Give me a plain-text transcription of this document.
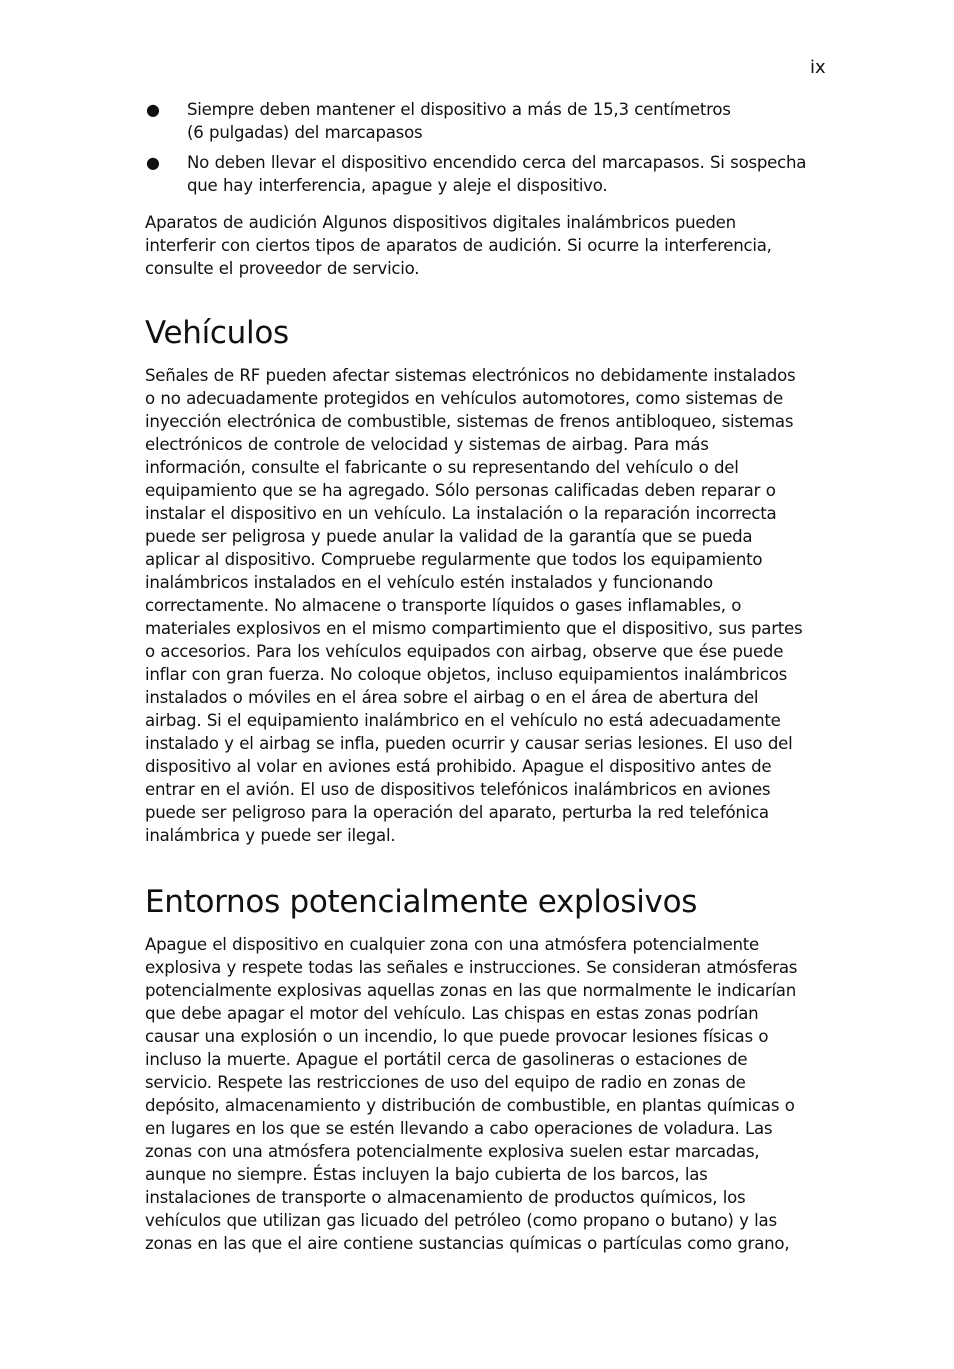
ix
● Siempre deben mantener el dispositivo a más de 15,3 centímetros
(6 pulgadas) del marcapasos
● No deben llevar el dispositivo encendido cerca del marcapasos. Si sospecha
que hay interferencia, apague y aleje el dispositivo.

Aparatos de audición Algunos dispositivos digitales inalámbricos pueden
interferir con ciertos tipos de aparatos de audición. Si ocurre la interferencia,
consulte el proveedor de servicio.

Vehículos

Señales de RF pueden afectar sistemas electrónicos no debidamente instalados
o no adecuadamente protegidos en vehículos automotores, como sistemas de
inyección electrónica de combustible, sistemas de frenos antibloqueo, sistemas
electrónicos de controle de velocidad y sistemas de airbag. Para más
información, consulte el fabricante o su representando del vehículo o del
equipamiento que se ha agregado. Sólo personas calificadas deben reparar o
instalar el dispositivo en un vehículo. La instalación o la reparación incorrecta
puede ser peligrosa y puede anular la validad de la garantía que se pueda
aplicar al dispositivo. Compruebe regularmente que todos los equipamiento
inalámbricos instalados en el vehículo estén instalados y funcionando
correctamente. No almacene o transporte líquidos o gases inflamables, o
materiales explosivos en el mismo compartimiento que el dispositivo, sus partes
o accesorios. Para los vehículos equipados con airbag, observe que ése puede
inflar con gran fuerza. No coloque objetos, incluso equipamientos inalámbricos
instalados o móviles en el área sobre el airbag o en el área de abertura del
airbag. Si el equipamiento inalámbrico en el vehículo no está adecuadamente
instalado y el airbag se infla, pueden ocurrir y causar serias lesiones. El uso del
dispositivo al volar en aviones está prohibido. Apague el dispositivo antes de
entrar en el avión. El uso de dispositivos telefónicos inalámbricos en aviones
puede ser peligroso para la operación del aparato, perturba la red telefónica
inalámbrica y puede ser ilegal.

Entornos potencialmente explosivos

Apague el dispositivo en cualquier zona con una atmósfera potencialmente
explosiva y respete todas las señales e instrucciones. Se consideran atmósferas
potencialmente explosivas aquellas zonas en las que normalmente le indicarían
que debe apagar el motor del vehículo. Las chispas en estas zonas podrían
causar una explosión o un incendio, lo que puede provocar lesiones físicas o
incluso la muerte. Apague el portátil cerca de gasolineras o estaciones de
servicio. Respete las restricciones de uso del equipo de radio en zonas de
depósito, almacenamiento y distribución de combustible, en plantas químicas o
en lugares en los que se estén llevando a cabo operaciones de voladura. Las
zonas con una atmósfera potencialmente explosiva suelen estar marcadas,
aunque no siempre. Éstas incluyen la bajo cubierta de los barcos, las
instalaciones de transporte o almacenamiento de productos químicos, los
vehículos que utilizan gas licuado del petróleo (como propano o butano) y las
zonas en las que el aire contiene sustancias químicas o partículas como grano,
